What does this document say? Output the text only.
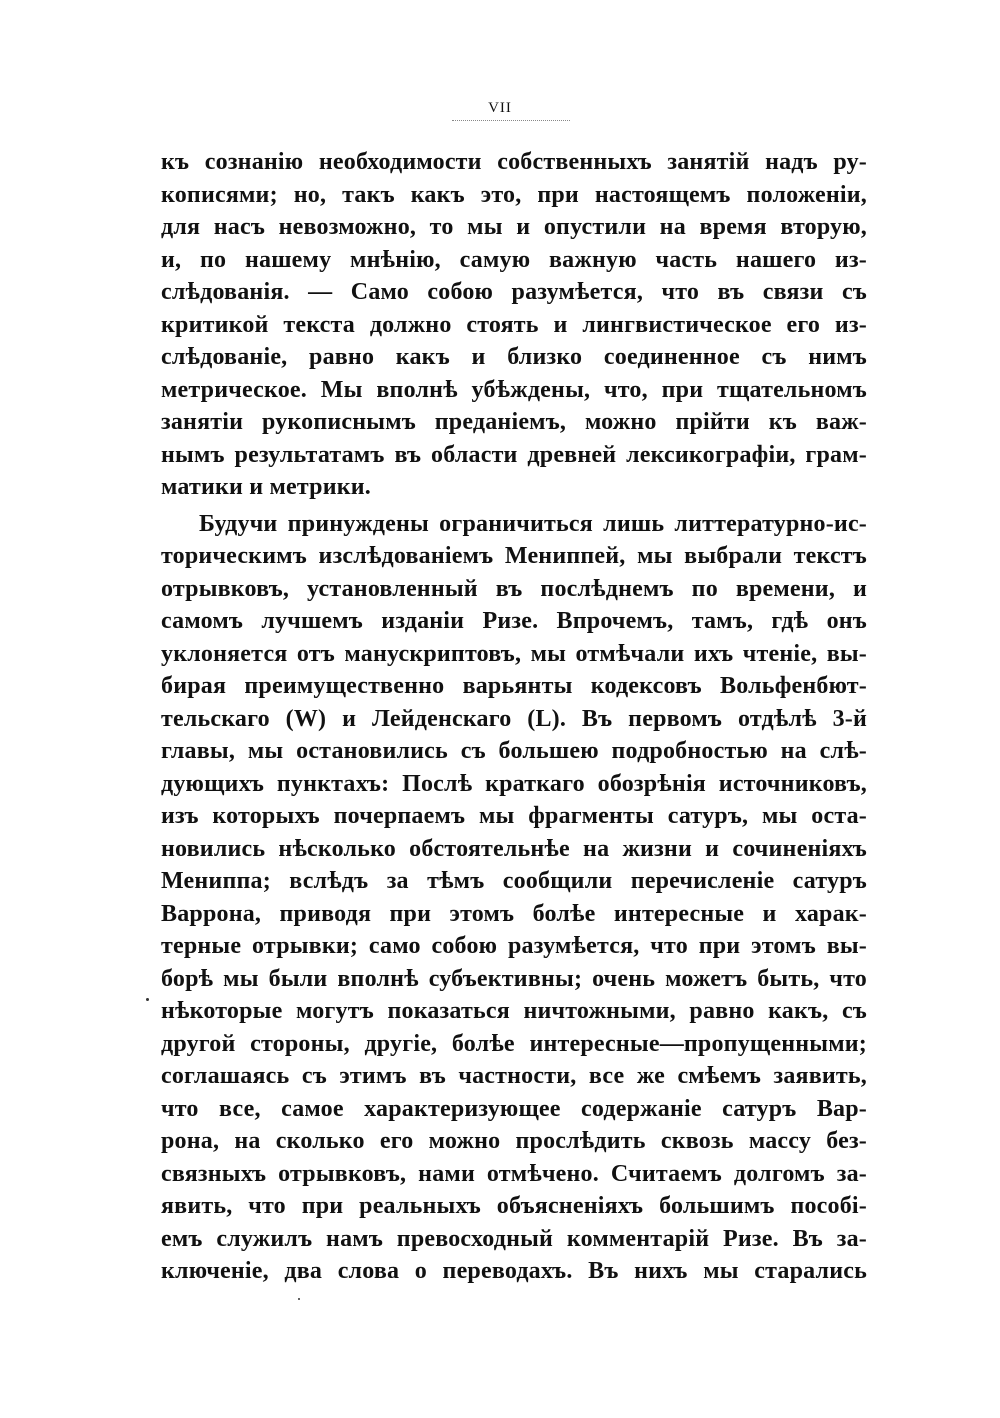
VII
къ сознанію необходимости собственныхъ занятій надъ ру-
кописями; но, такъ какъ это, при настоящемъ положеніи,
для насъ невозможно, то мы и опустили на время вторую,
и, по нашему мнѣнію, самую важную часть нашего из-
слѣдованія. — Само собою разумѣется, что въ связи съ
критикой текста должно стоять и лингвистическое его из-
слѣдованіе, равно какъ и близко соединенное съ нимъ
метрическое. Мы вполнѣ убѣждены, что, при тщательномъ
занятіи рукописнымъ преданіемъ, можно прійти къ важ-
нымъ результатамъ въ области древней лексикографіи, грам-
матики и метрики.
Будучи принуждены ограничиться лишь литтературно-ис-
торическимъ изслѣдованіемъ Мениппей, мы выбрали текстъ
отрывковъ, установленный въ послѣднемъ по времени, и
самомъ лучшемъ изданіи Ризе. Впрочемъ, тамъ, гдѣ онъ
уклоняется отъ манускриптовъ, мы отмѣчали ихъ чтеніе, вы-
бирая преимущественно варьянты кодексовъ Вольфенбют-
тельскаго (W) и Лейденскаго (L). Въ первомъ отдѣлѣ 3-й
главы, мы остановились съ большею подробностью на слѣ-
дующихъ пунктахъ: Послѣ краткаго обозрѣнія источниковъ,
изъ которыхъ почерпаемъ мы фрагменты сатуръ, мы оста-
новились нѣсколько обстоятельнѣе на жизни и сочиненіяхъ
Мениппа; вслѣдъ за тѣмъ сообщили перечисленіе сатуръ
Варрона, приводя при этомъ болѣе интересные и харак-
терные отрывки; само собою разумѣется, что при этомъ вы-
борѣ мы были вполнѣ субъективны; очень можетъ быть, что
нѣкоторые могутъ показаться ничтожными, равно какъ, съ
другой стороны, другіе, болѣе интересные—пропущенными;
соглашаясь съ этимъ въ частности, все же смѣемъ заявить,
что все, самое характеризующее содержаніе сатуръ Вар-
рона, на сколько его можно прослѣдить сквозь массу без-
связныхъ отрывковъ, нами отмѣчено. Считаемъ долгомъ за-
явить, что при реальныхъ объясненіяхъ большимъ пособі-
емъ служилъ намъ превосходный комментарій Ризе. Въ за-
ключеніе, два слова о переводахъ. Въ нихъ мы старались
